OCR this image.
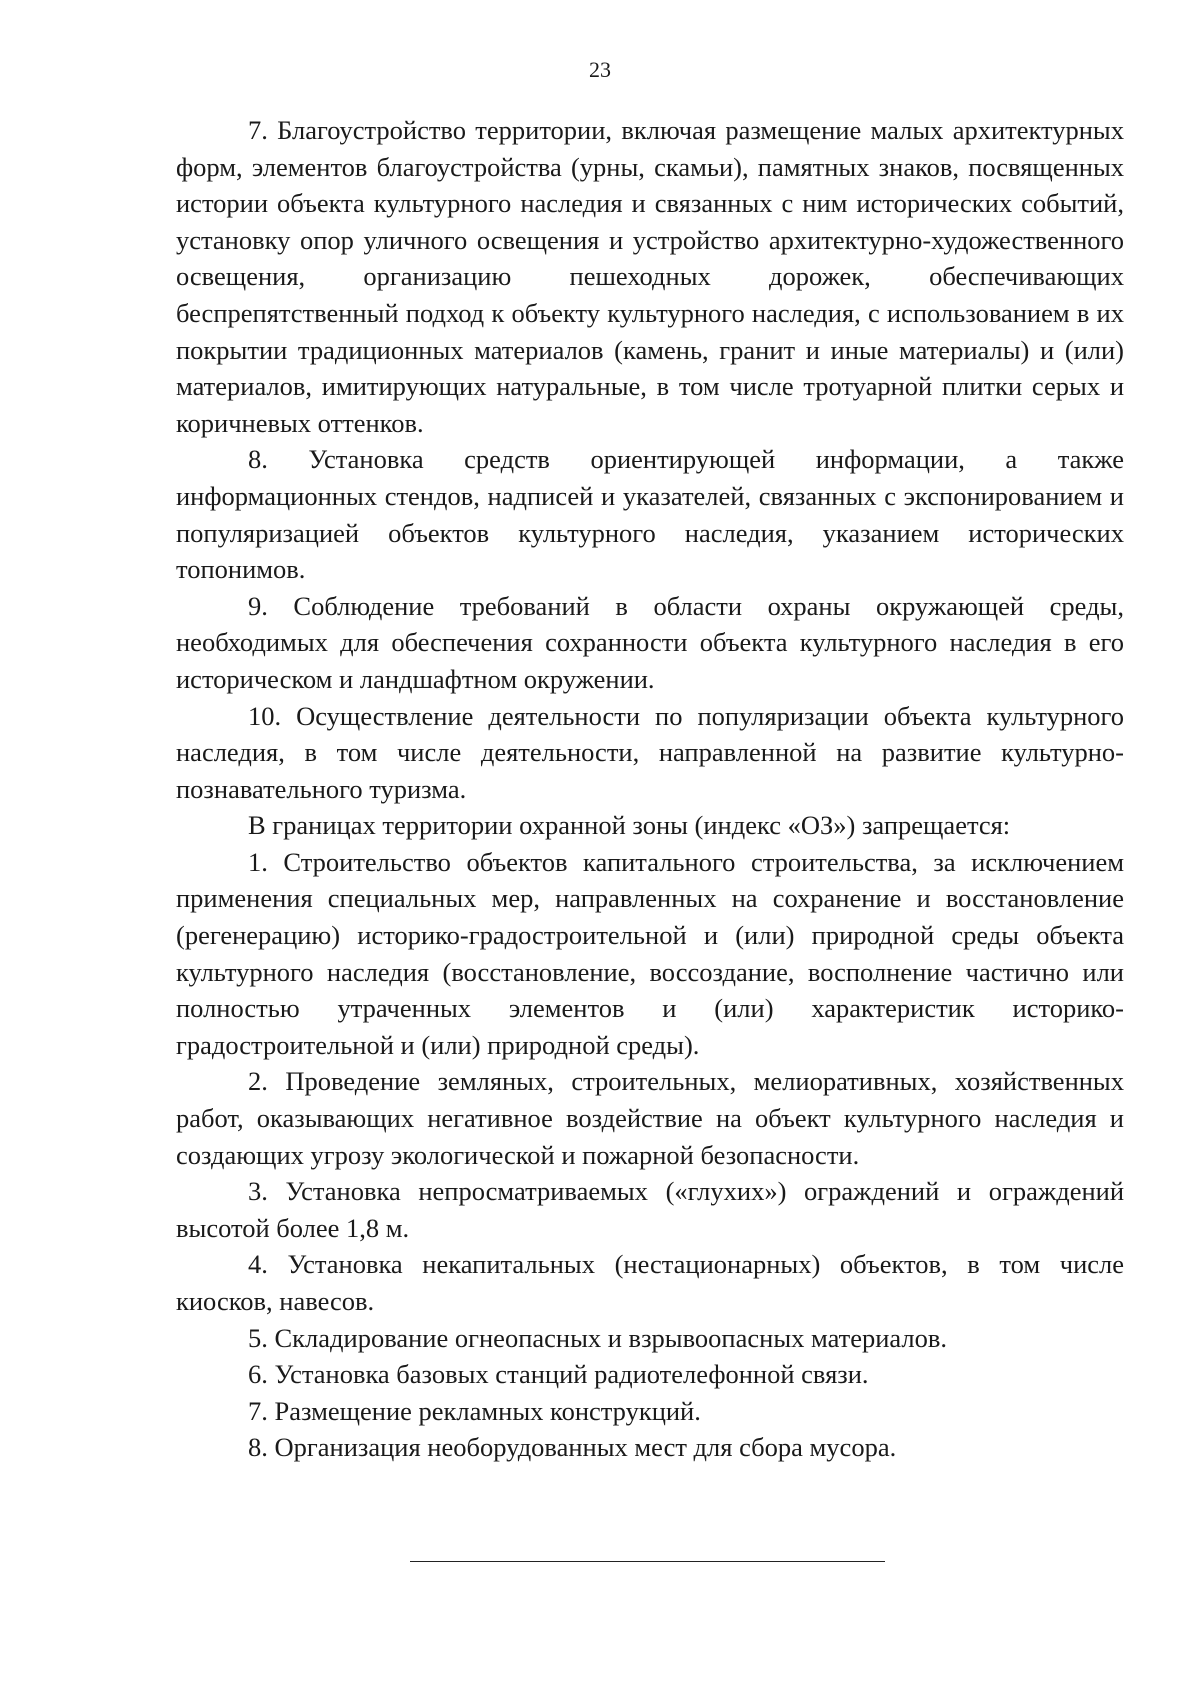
23

7. Благоустройство территории, включая размещение малых архитектурных форм, элементов благоустройства (урны, скамьи), памятных знаков, посвященных истории объекта культурного наследия и связанных с ним исторических событий, установку опор уличного освещения и устройство архитектурно-художественного освещения, организацию пешеходных дорожек, обеспечивающих беспрепятственный подход к объекту культурного наследия, с использованием в их покрытии традиционных материалов (камень, гранит и иные материалы) и (или) материалов, имитирующих натуральные, в том числе тротуарной плитки серых и коричневых оттенков.

8. Установка средств ориентирующей информации, а также информационных стендов, надписей и указателей, связанных с экспонированием и популяризацией объектов культурного наследия, указанием исторических топонимов.

9. Соблюдение требований в области охраны окружающей среды, необходимых для обеспечения сохранности объекта культурного наследия в его историческом и ландшафтном окружении.

10. Осуществление деятельности по популяризации объекта культурного наследия, в том числе деятельности, направленной на развитие культурно-познавательного туризма.

В границах территории охранной зоны (индекс «ОЗ») запрещается:

1. Строительство объектов капитального строительства, за исключением применения специальных мер, направленных на сохранение и восстановление (регенерацию) историко-градостроительной и (или) природной среды объекта культурного наследия (восстановление, воссоздание, восполнение частично или полностью утраченных элементов и (или) характеристик историко-градостроительной и (или) природной среды).

2. Проведение земляных, строительных, мелиоративных, хозяйственных работ, оказывающих негативное воздействие на объект культурного наследия и создающих угрозу экологической и пожарной безопасности.

3. Установка непросматриваемых («глухих») ограждений и ограждений высотой более 1,8 м.

4. Установка некапитальных (нестационарных) объектов, в том числе киосков, навесов.

5. Складирование огнеопасных и взрывоопасных материалов.

6. Установка базовых станций радиотелефонной связи.

7. Размещение рекламных конструкций.

8. Организация необорудованных мест для сбора мусора.
